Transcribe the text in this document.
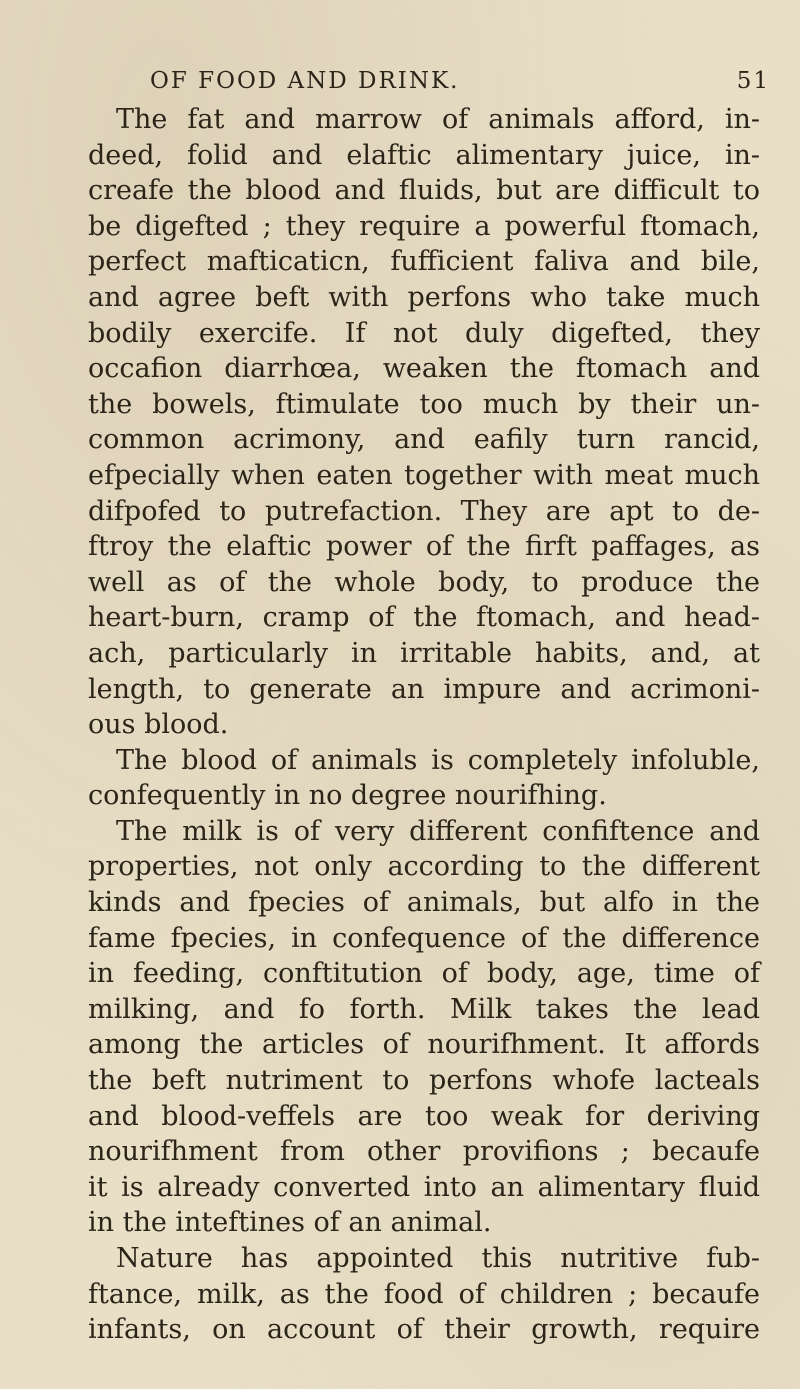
OF FOOD AND DRINK.	51
The fat and marrow of animals afford, in-
deed, folid and elaftic alimentary juice, in-
creafe the blood and fluids, but are difficult to
be digefted ; they require a powerful ftomach,
perfect mafticaticn, fufficient faliva and bile,
and agree beft with perfons who take much
bodily exercife. If not duly digefted, they
occafion diarrhœa, weaken the ftomach and
the bowels, ftimulate too much by their un-
common acrimony, and eafily turn rancid,
efpecially when eaten together with meat much
difpofed to putrefaction. They are apt to de-
ftroy the elaftic power of the firft paffages, as
well as of the whole body, to produce the
heart-burn, cramp of the ftomach, and head-
ach, particularly in irritable habits, and, at
length, to generate an impure and acrimoni-
ous blood.
The blood of animals is completely infoluble,
confequently in no degree nourifhing.
The milk is of very different confiftence and
properties, not only according to the different
kinds and fpecies of animals, but alfo in the
fame fpecies, in confequence of the difference
in feeding, conftitution of body, age, time of
milking, and fo forth. Milk takes the lead
among the articles of nourifhment. It affords
the beft nutriment to perfons whofe lacteals
and blood-veffels are too weak for deriving
nourifhment from other provifions ; becaufe
it is already converted into an alimentary fluid
in the inteftines of an animal.
Nature has appointed this nutritive fub-
ftance, milk, as the food of children ; becaufe
infants, on account of their growth, require
